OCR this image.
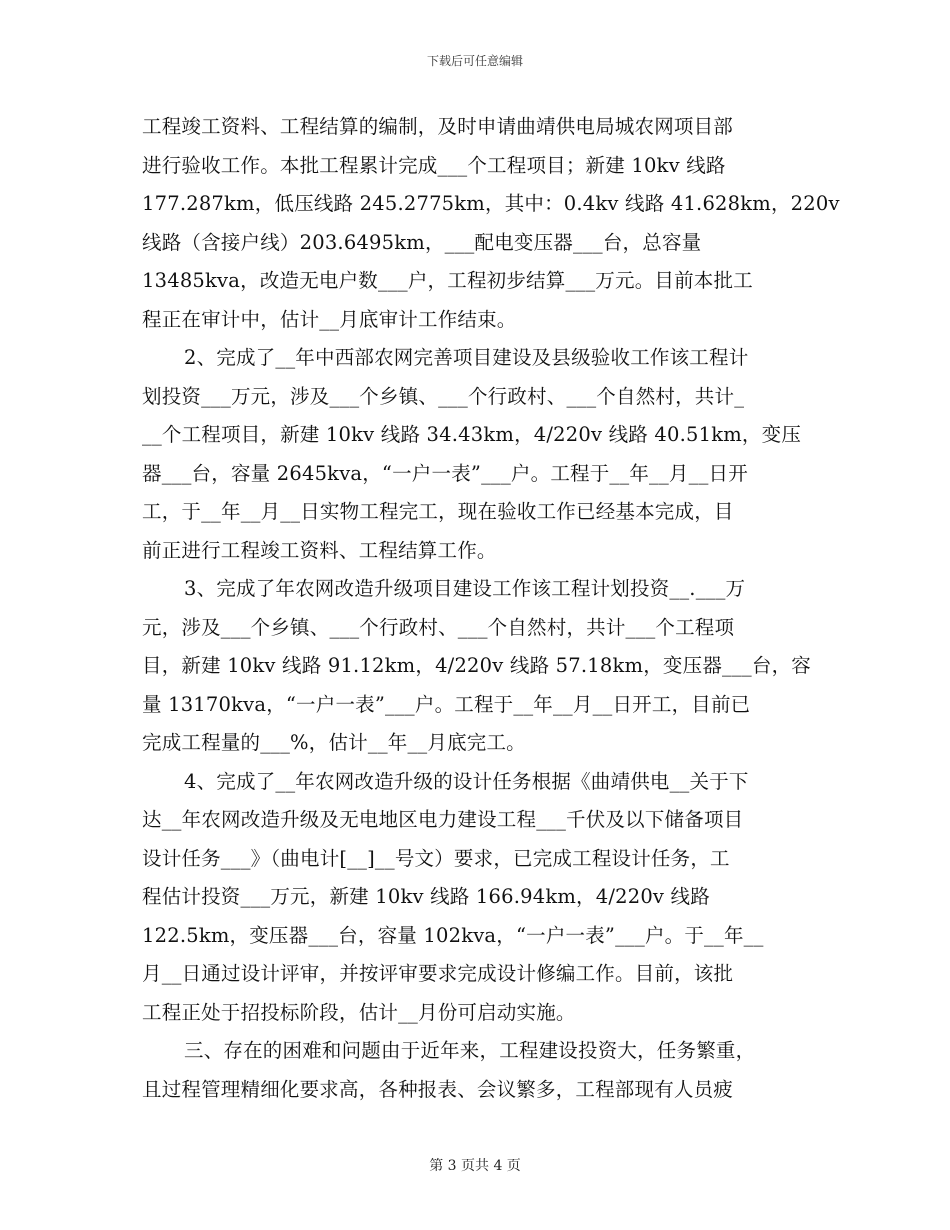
下载后可任意编辑
工程竣工资料、工程结算的编制，及时申请曲靖供电局城农网项目部
进行验收工作。本批工程累计完成___个工程项目；新建 10kv 线路
177.287km，低压线路 245.2775km，其中：0.4kv 线路 41.628km，220v
线路（含接户线）203.6495km，___配电变压器___台，总容量
13485kva，改造无电户数___户，工程初步结算___万元。目前本批工
程正在审计中，估计__月底审计工作结束。
2、完成了__年中西部农网完善项目建设及县级验收工作该工程计
划投资___万元，涉及___个乡镇、___个行政村、___个自然村，共计_
__个工程项目，新建 10kv 线路 34.43km，4/220v 线路 40.51km，变压
器___台，容量 2645kva，“一户一表”___户。工程于__年__月__日开
工，于__年__月__日实物工程完工，现在验收工作已经基本完成，目
前正进行工程竣工资料、工程结算工作。
3、完成了年农网改造升级项目建设工作该工程计划投资__.___万
元，涉及___个乡镇、___个行政村、___个自然村，共计___个工程项
目，新建 10kv 线路 91.12km，4/220v 线路 57.18km，变压器___台，容
量 13170kva，“一户一表”___户。工程于__年__月__日开工，目前已
完成工程量的___%，估计__年__月底完工。
4、完成了__年农网改造升级的设计任务根据《曲靖供电__关于下
达__年农网改造升级及无电地区电力建设工程___千伏及以下储备项目
设计任务___》（曲电计[__]__号文）要求，已完成工程设计任务，工
程估计投资___万元，新建 10kv 线路 166.94km，4/220v 线路
122.5km，变压器___台，容量 102kva，“一户一表”___户。于__年__
月__日通过设计评审，并按评审要求完成设计修编工作。目前，该批
工程正处于招投标阶段，估计__月份可启动实施。
三、存在的困难和问题由于近年来，工程建设投资大，任务繁重，
且过程管理精细化要求高，各种报表、会议繁多，工程部现有人员疲
第 3 页共 4 页
